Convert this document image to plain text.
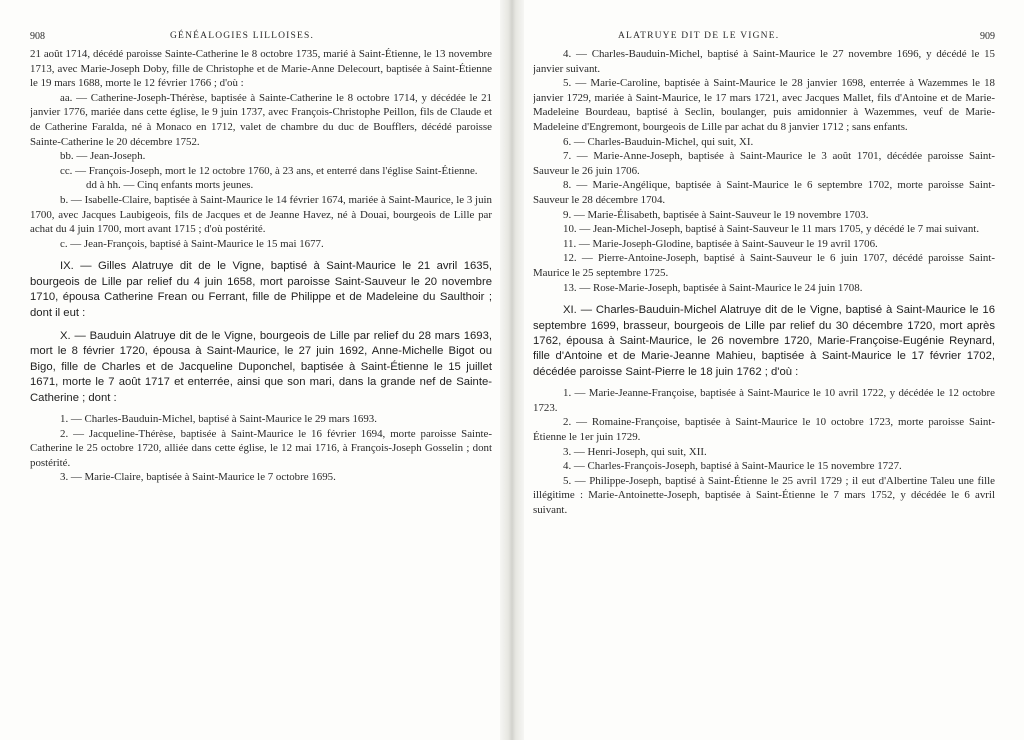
908	GÉNÉALOGIES LILLOISES.

21 août 1714, décédé paroisse Sainte-Catherine le 8 octobre 1735, marié à Saint-Étienne, le 13 novembre 1713, avec Marie-Joseph Doby, fille de Christophe et de Marie-Anne Delecourt, baptisée à Saint-Étienne le 19 mars 1688, morte le 12 février 1766 ; d'où :

aa. — Catherine-Joseph-Thérèse, baptisée à Sainte-Catherine le 8 octobre 1714, y décédée le 21 janvier 1776, mariée dans cette église, le 9 juin 1737, avec François-Christophe Peillon, fils de Claude et de Catherine Faralda, né à Monaco en 1712, valet de chambre du duc de Boufflers, décédé paroisse Sainte-Catherine le 20 décembre 1752.

bb. — Jean-Joseph.

cc. — François-Joseph, mort le 12 octobre 1760, à 23 ans, et enterré dans l'église Saint-Étienne.

dd à hh. — Cinq enfants morts jeunes.

b. — Isabelle-Claire, baptisée à Saint-Maurice le 14 février 1674, mariée à Saint-Maurice, le 3 juin 1700, avec Jacques Laubigeois, fils de Jacques et de Jeanne Havez, né à Douai, bourgeois de Lille par achat du 4 juin 1700, mort avant 1715 ; d'où postérité.

c. — Jean-François, baptisé à Saint-Maurice le 15 mai 1677.

IX. — Gilles Alatruye dit de le Vigne, baptisé à Saint-Maurice le 21 avril 1635, bourgeois de Lille par relief du 4 juin 1658, mort paroisse Saint-Sauveur le 20 novembre 1710, épousa Catherine Frean ou Ferrant, fille de Philippe et de Madeleine du Saulthoir ; dont il eut :

X. — Bauduin Alatruye dit de le Vigne, bourgeois de Lille par relief du 28 mars 1693, mort le 8 février 1720, épousa à Saint-Maurice, le 27 juin 1692, Anne-Michelle Bigot ou Bigo, fille de Charles et de Jacqueline Duponchel, baptisée à Saint-Étienne le 15 juillet 1671, morte le 7 août 1717 et enterrée, ainsi que son mari, dans la grande nef de Sainte-Catherine ; dont :

1. — Charles-Bauduin-Michel, baptisé à Saint-Maurice le 29 mars 1693.

2. — Jacqueline-Thérèse, baptisée à Saint-Maurice le 16 février 1694, morte paroisse Sainte-Catherine le 25 octobre 1720, alliée dans cette église, le 12 mai 1716, à François-Joseph Gosselin ; dont postérité.

3. — Marie-Claire, baptisée à Saint-Maurice le 7 octobre 1695.

ALATRUYE DIT DE LE VIGNE.	909

4. — Charles-Bauduin-Michel, baptisé à Saint-Maurice le 27 novembre 1696, y décédé le 15 janvier suivant.

5. — Marie-Caroline, baptisée à Saint-Maurice le 28 janvier 1698, enterrée à Wazemmes le 18 janvier 1729, mariée à Saint-Maurice, le 17 mars 1721, avec Jacques Mallet, fils d'Antoine et de Marie-Madeleine Bourdeau, baptisé à Seclin, boulanger, puis amidonnier à Wazemmes, veuf de Marie-Madeleine d'Engremont, bourgeois de Lille par achat du 8 janvier 1712 ; sans enfants.

6. — Charles-Bauduin-Michel, qui suit, XI.

7. — Marie-Anne-Joseph, baptisée à Saint-Maurice le 3 août 1701, décédée paroisse Saint-Sauveur le 26 juin 1706.

8. — Marie-Angélique, baptisée à Saint-Maurice le 6 septembre 1702, morte paroisse Saint-Sauveur le 28 décembre 1704.

9. — Marie-Élisabeth, baptisée à Saint-Sauveur le 19 novembre 1703.

10. — Jean-Michel-Joseph, baptisé à Saint-Sauveur le 11 mars 1705, y décédé le 7 mai suivant.

11. — Marie-Joseph-Glodine, baptisée à Saint-Sauveur le 19 avril 1706.

12. — Pierre-Antoine-Joseph, baptisé à Saint-Sauveur le 6 juin 1707, décédé paroisse Saint-Maurice le 25 septembre 1725.

13. — Rose-Marie-Joseph, baptisée à Saint-Maurice le 24 juin 1708.

XI. — Charles-Bauduin-Michel Alatruye dit de le Vigne, baptisé à Saint-Maurice le 16 septembre 1699, brasseur, bourgeois de Lille par relief du 30 décembre 1720, mort après 1762, épousa à Saint-Maurice, le 26 novembre 1720, Marie-Françoise-Eugénie Reynard, fille d'Antoine et de Marie-Jeanne Mahieu, baptisée à Saint-Maurice le 17 février 1702, décédée paroisse Saint-Pierre le 18 juin 1762 ; d'où :

1. — Marie-Jeanne-Françoise, baptisée à Saint-Maurice le 10 avril 1722, y décédée le 12 octobre 1723.

2. — Romaine-Françoise, baptisée à Saint-Maurice le 10 octobre 1723, morte paroisse Saint-Étienne le 1er juin 1729.

3. — Henri-Joseph, qui suit, XII.

4. — Charles-François-Joseph, baptisé à Saint-Maurice le 15 novembre 1727.

5. — Philippe-Joseph, baptisé à Saint-Étienne le 25 avril 1729 ; il eut d'Albertine Taleu une fille illégitime : Marie-Antoinette-Joseph, baptisée à Saint-Étienne le 7 mars 1752, y décédée le 6 avril suivant.
